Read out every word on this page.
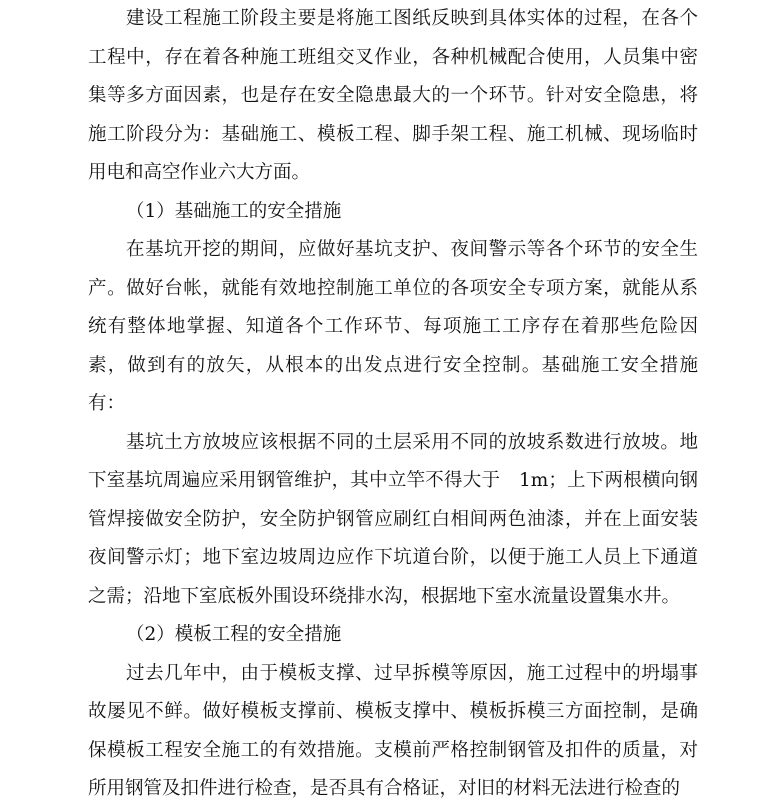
建设工程施工阶段主要是将施工图纸反映到具体实体的过程，在各个
工程中，存在着各种施工班组交叉作业，各种机械配合使用，人员集中密
集等多方面因素，也是存在安全隐患最大的一个环节。针对安全隐患，将
施工阶段分为：基础施工、模板工程、脚手架工程、施工机械、现场临时
用电和高空作业六大方面。
（1）基础施工的安全措施
在基坑开挖的期间，应做好基坑支护、夜间警示等各个环节的安全生
产。做好台帐，就能有效地控制施工单位的各项安全专项方案，就能从系
统有整体地掌握、知道各个工作环节、每项施工工序存在着那些危险因
素，做到有的放矢，从根本的出发点进行安全控制。基础施工安全措施
有：
基坑土方放坡应该根据不同的土层采用不同的放坡系数进行放坡。地
下室基坑周遍应采用钢管维护，其中立竿不得大于　1m；上下两根横向钢
管焊接做安全防护，安全防护钢管应刷红白相间两色油漆，并在上面安装
夜间警示灯；地下室边坡周边应作下坑道台阶，以便于施工人员上下通道
之需；沿地下室底板外围设环绕排水沟，根据地下室水流量设置集水井。
（2）模板工程的安全措施
过去几年中，由于模板支撑、过早拆模等原因，施工过程中的坍塌事
故屡见不鲜。做好模板支撑前、模板支撑中、模板拆模三方面控制，是确
保模板工程安全施工的有效措施。支模前严格控制钢管及扣件的质量，对
所用钢管及扣件进行检查，是否具有合格证，对旧的材料无法进行检查的
